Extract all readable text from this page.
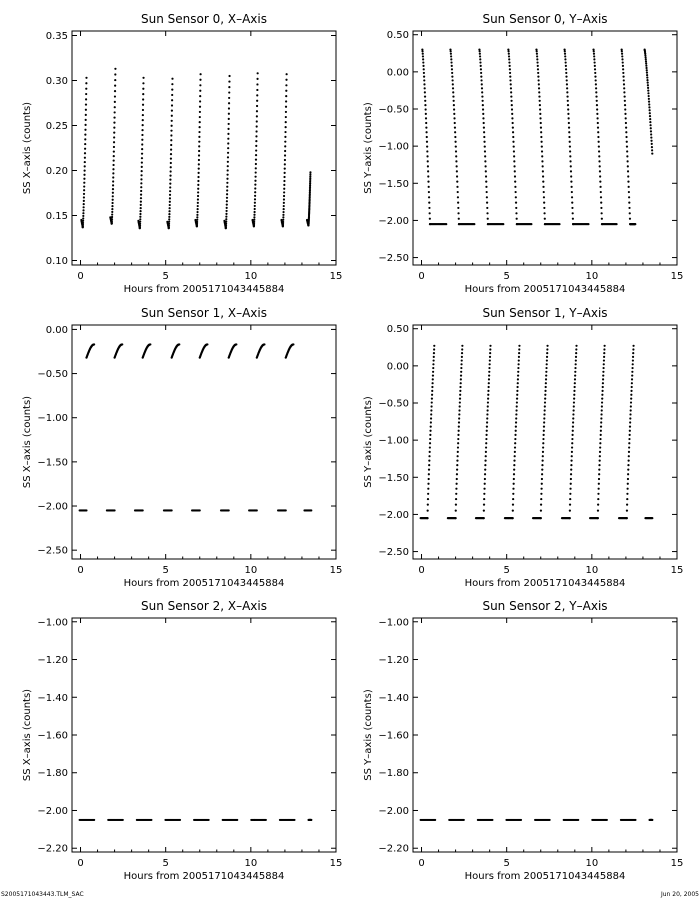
Sun Sensor 0, X–Axis
0	5	10	15
0.10
0.15
0.20
0.25
0.30
0.35
Hours from 2005171043445884
SS X–axis (counts)
Sun Sensor 0, Y–Axis
0	5	10	15
−2.50
−2.00
−1.50
−1.00
−0.50
0.00
0.50
Hours from 2005171043445884
SS Y–axis (counts)
Sun Sensor 1, X–Axis
0	5	10	15
−2.50
−2.00
−1.50
−1.00
−0.50
0.00
Hours from 2005171043445884
SS X–axis (counts)
Sun Sensor 1, Y–Axis
0	5	10	15
−2.50
−2.00
−1.50
−1.00
−0.50
0.00
0.50
Hours from 2005171043445884
SS Y–axis (counts)
Sun Sensor 2, X–Axis
0	5	10	15
−2.20
−2.00
−1.80
−1.60
−1.40
−1.20
−1.00
Hours from 2005171043445884
SS X–axis (counts)
Sun Sensor 2, Y–Axis
0	5	10	15
−2.20
−2.00
−1.80
−1.60
−1.40
−1.20
−1.00
Hours from 2005171043445884
SS Y–axis (counts)
S2005171043443.TLM_SAC	Jun 20, 2005
